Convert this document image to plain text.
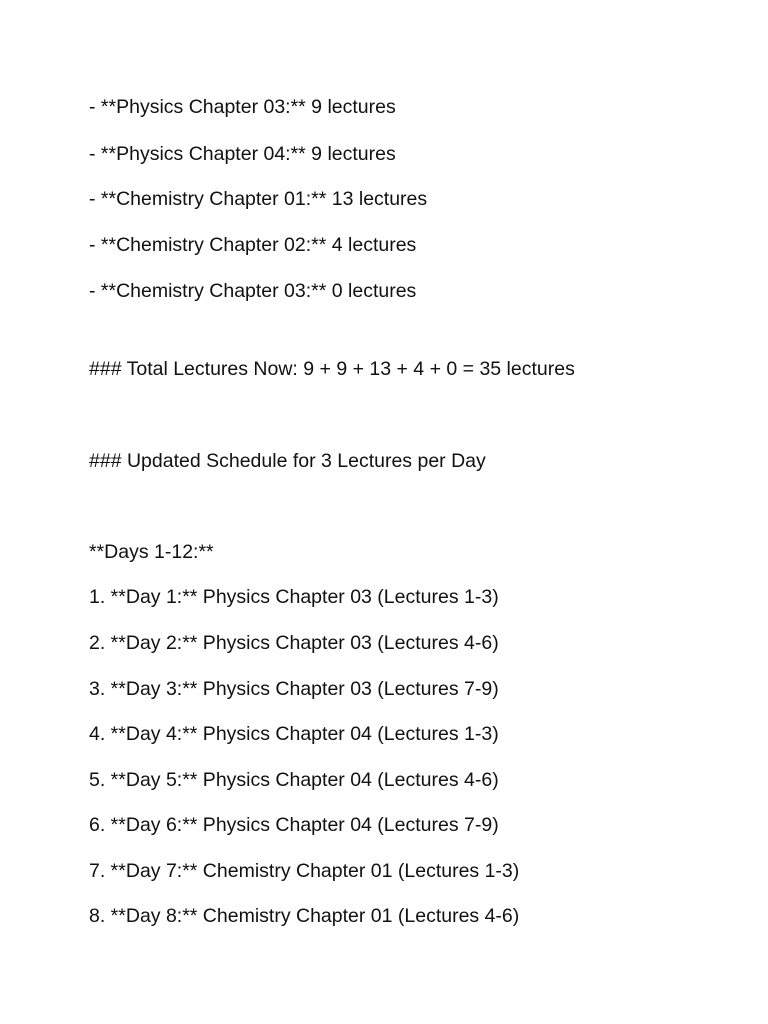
- **Physics Chapter 03:** 9 lectures
- **Physics Chapter 04:** 9 lectures
- **Chemistry Chapter 01:** 13 lectures
- **Chemistry Chapter 02:** 4 lectures
- **Chemistry Chapter 03:** 0 lectures
### Total Lectures Now: 9 + 9 + 13 + 4 + 0 = 35 lectures
### Updated Schedule for 3 Lectures per Day
**Days 1-12:**
1. **Day 1:** Physics Chapter 03 (Lectures 1-3)
2. **Day 2:** Physics Chapter 03 (Lectures 4-6)
3. **Day 3:** Physics Chapter 03 (Lectures 7-9)
4. **Day 4:** Physics Chapter 04 (Lectures 1-3)
5. **Day 5:** Physics Chapter 04 (Lectures 4-6)
6. **Day 6:** Physics Chapter 04 (Lectures 7-9)
7. **Day 7:** Chemistry Chapter 01 (Lectures 1-3)
8. **Day 8:** Chemistry Chapter 01 (Lectures 4-6)
